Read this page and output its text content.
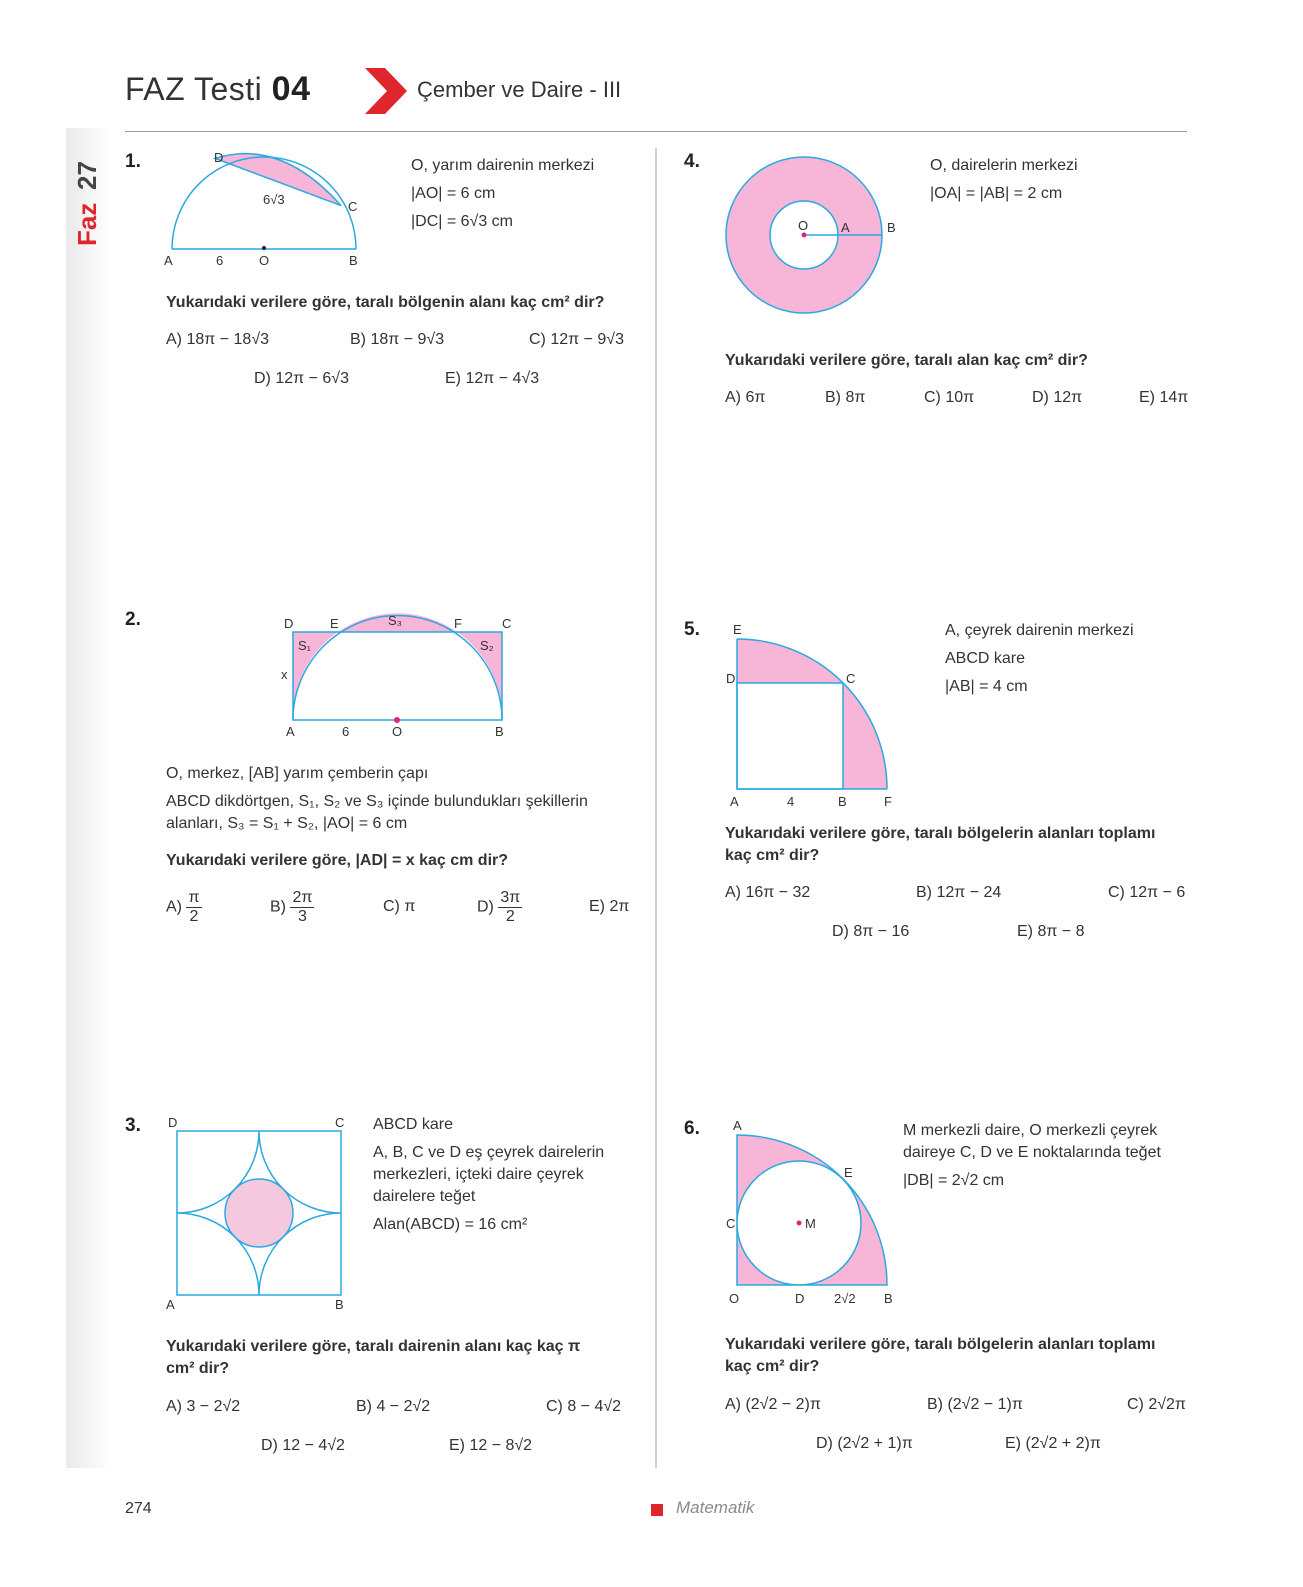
Faz
27
FAZ Testi 04	Çember ve Daire - III
1.
A	6	O	B
D
C
6√3
O, yarım dairenin merkezi
|AO| = 6 cm
|DC| = 6√3 cm
Yukarıdaki verilere göre, taralı bölgenin alanı kaç cm² dir?
A) 18π − 18√3	B) 18π − 9√3	C) 12π − 9√3
D) 12π − 6√3	E) 12π − 4√3
2.	D	E	S₃	F	C
S₁	S₂
x
A	6	O	B
O, merkez, [AB] yarım çemberin çapı
ABCD dikdörtgen, S₁, S₂ ve S₃ içinde bulundukları şekillerin
alanları, S₃ = S₁ + S₂, |AO| = 6 cm
Yukarıdaki verilere göre, |AD| = x kaç cm dir?
$A) \frac{\pi}{2}$	$B) \frac{2\pi}{3}$	C) π	$D) \frac{3\pi}{2}$	E) 2π
3. D	C
A	B
ABCD kare
A, B, C ve D eş çeyrek dairelerin
merkezleri, içteki daire çeyrek
dairelere teğet
Alan(ABCD) = 16 cm²
Yukarıdaki verilere göre, taralı dairenin alanı kaç kaç π
cm² dir?
A) 3 − 2√2	B) 4 − 2√2	C) 8 − 4√2
D) 12 − 4√2	E) 12 − 8√2
4.
O	A	B
O, dairelerin merkezi
|OA| = |AB| = 2 cm
Yukarıdaki verilere göre, taralı alan kaç cm² dir?
A) 6π	B) 8π	C) 10π	D) 12π	E) 14π
5.	E
D	C
A	4	B	F
A, çeyrek dairenin merkezi
ABCD kare
|AB| = 4 cm
Yukarıdaki verilere göre, taralı bölgelerin alanları toplamı
kaç cm² dir?
A) 16π − 32	B) 12π − 24	C) 12π − 6
D) 8π − 16	E) 8π − 8
6.	A
E
C	M
O	D 2√2 B
M merkezli daire, O merkezli çeyrek
daireye C, D ve E noktalarında teğet
|DB| = 2√2 cm
Yukarıdaki verilere göre, taralı bölgelerin alanları toplamı
kaç cm² dir?
A) (2√2 − 2)π	B) (2√2 − 1)π	C) 2√2π
D) (2√2 + 1)π	E) (2√2 + 2)π
274	Matematik
